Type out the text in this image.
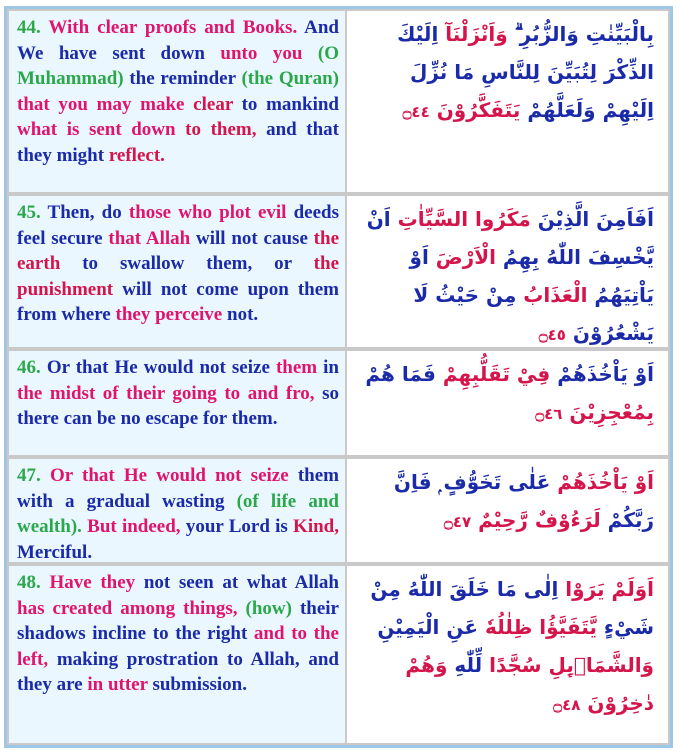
44. With clear proofs and Books. And We have sent down unto you (O Muhammad) the reminder (the Quran) that you may make clear to mankind what is sent down to them, and that they might reflect.
بِالْبَيِّنٰتِ وَالزُّبُرِ ۗ وَاَنْزَلْنَآ اِلَيْكَ الذِّكْرَ لِتُبَيِّنَ لِلنَّاسِ مَا نُزِّلَ اِلَيْهِمْ وَلَعَلَّهُمْ يَتَفَكَّرُوْنَ ۝٤٤
45. Then, do those who plot evil deeds feel secure that Allah will not cause the earth to swallow them, or the punishment will not come upon them from where they perceive not.
اَفَاَمِنَ الَّذِيْنَ مَكَرُوا السَّيِّاٰتِ اَنْ يَّخْسِفَ اللّٰهُ بِهِمُ الْاَرْضَ اَوْ يَاْتِيَهُمُ الْعَذَابُ مِنْ حَيْثُ لَا يَشْعُرُوْنَ ۝٤٥
46. Or that He would not seize them in the midst of their going to and fro, so there can be no escape for them.
اَوْ يَاْخُذَهُمْ فِيْ تَقَلُّبِهِمْ فَمَا هُمْ بِمُعْجِزِيْنَ ۝٤٦
47. Or that He would not seize them with a gradual wasting (of life and wealth). But indeed, your Lord is Kind, Merciful.
اَوْ يَاْخُذَهُمْ عَلٰى تَخَوُّفٍ ۭ فَاِنَّ رَبَّكُمْ لَرَءُوْفٌ رَّحِيْمٌ ۝٤٧
48. Have they not seen at what Allah has created among things, (how) their shadows incline to the right and to the left, making prostration to Allah, and they are in utter submission.
اَوَلَمْ يَرَوْا اِلٰى مَا خَلَقَ اللّٰهُ مِنْ شَيْءٍ يَّتَفَيَّؤُا ظِلٰلُهٗ عَنِ الْيَمِيْنِ وَالشَّمَاۗىِٕلِ سُجَّدًا لِّلّٰهِ وَهُمْ دٰخِرُوْنَ ۝٤٨
